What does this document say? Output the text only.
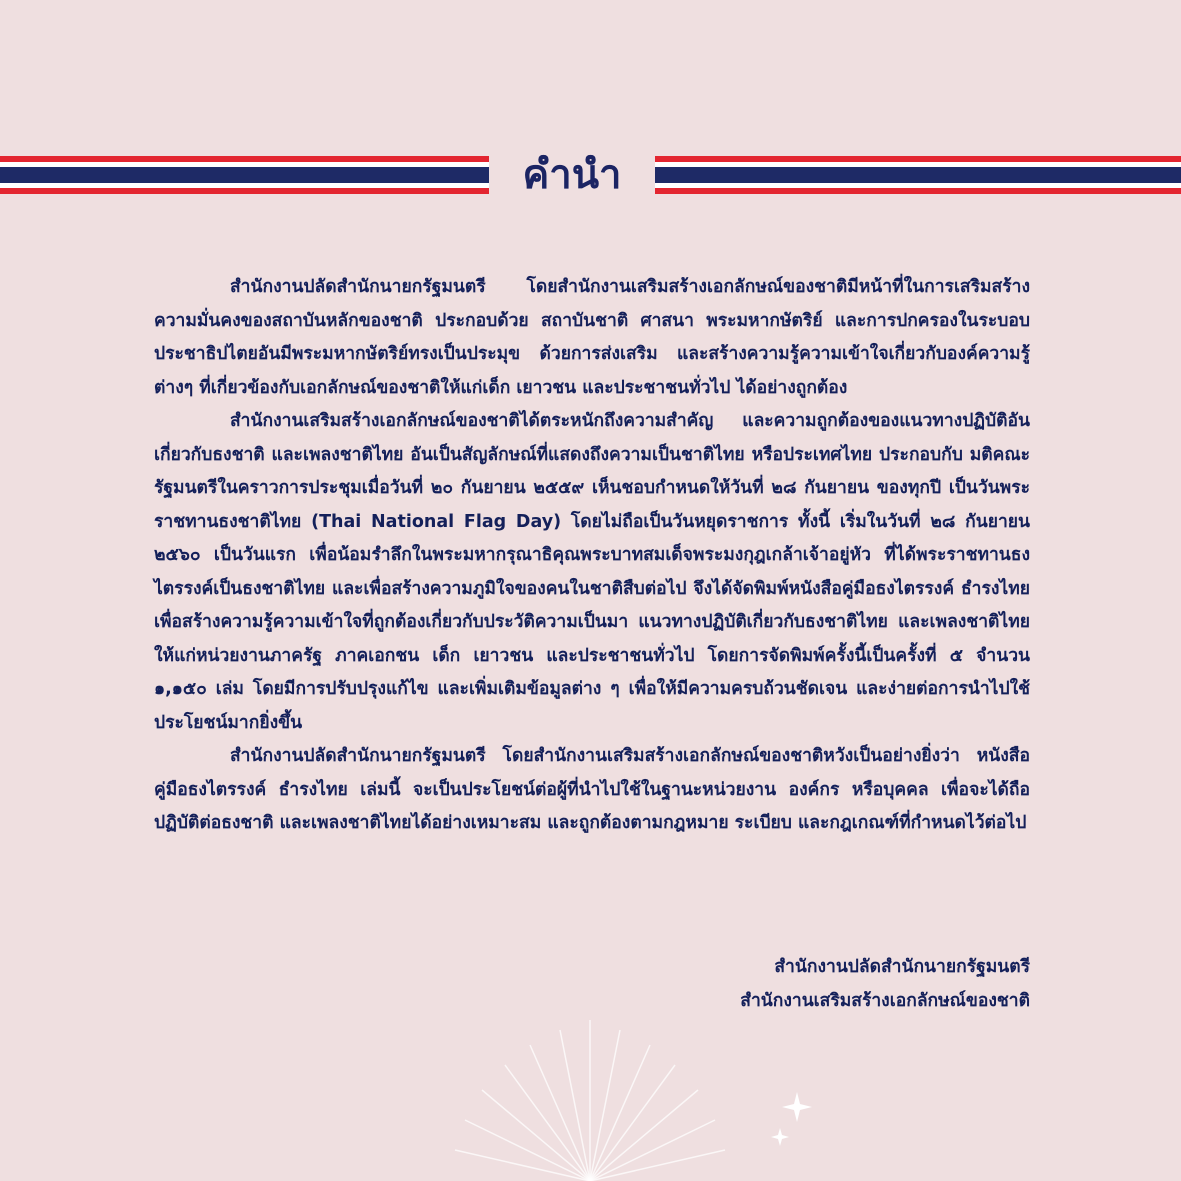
คำนำ

สำนักงานปลัดสำนักนายกรัฐมนตรี โดยสำนักงานเสริมสร้างเอกลักษณ์ของชาติมีหน้าที่ในการเสริมสร้างความมั่นคงของสถาบันหลักของชาติ ประกอบด้วย สถาบันชาติ ศาสนา พระมหากษัตริย์ และการปกครองในระบอบประชาธิปไตยอันมีพระมหากษัตริย์ทรงเป็นประมุข ด้วยการส่งเสริม และสร้างความรู้ความเข้าใจเกี่ยวกับองค์ความรู้ต่างๆ ที่เกี่ยวข้องกับเอกลักษณ์ของชาติให้แก่เด็ก เยาวชน และประชาชนทั่วไป ได้อย่างถูกต้อง

สำนักงานเสริมสร้างเอกลักษณ์ของชาติได้ตระหนักถึงความสำคัญ และความถูกต้องของแนวทางปฏิบัติอันเกี่ยวกับธงชาติ และเพลงชาติไทย อันเป็นสัญลักษณ์ที่แสดงถึงความเป็นชาติไทย หรือประเทศไทย ประกอบกับ มติคณะรัฐมนตรีในคราวการประชุมเมื่อวันที่ ๒๐ กันยายน ๒๕๕๙ เห็นชอบกำหนดให้วันที่ ๒๘ กันยายน ของทุกปี เป็นวันพระราชทานธงชาติไทย (Thai National Flag Day) โดยไม่ถือเป็นวันหยุดราชการ ทั้งนี้ เริ่มในวันที่ ๒๘ กันยายน ๒๕๖๐ เป็นวันแรก เพื่อน้อมรำลึกในพระมหากรุณาธิคุณพระบาทสมเด็จพระมงกุฎเกล้าเจ้าอยู่หัว ที่ได้พระราชทานธงไตรรงค์เป็นธงชาติไทย และเพื่อสร้างความภูมิใจของคนในชาติสืบต่อไป จึงได้จัดพิมพ์หนังสือคู่มือธงไตรรงค์ ธำรงไทย เพื่อสร้างความรู้ความเข้าใจที่ถูกต้องเกี่ยวกับประวัติความเป็นมา แนวทางปฏิบัติเกี่ยวกับธงชาติไทย และเพลงชาติไทย ให้แก่หน่วยงานภาครัฐ ภาคเอกชน เด็ก เยาวชน และประชาชนทั่วไป โดยการจัดพิมพ์ครั้งนี้เป็นครั้งที่ ๕ จำนวน ๑,๑๕๐ เล่ม โดยมีการปรับปรุงแก้ไข และเพิ่มเติมข้อมูลต่าง ๆ เพื่อให้มีความครบถ้วนชัดเจน และง่ายต่อการนำไปใช้ประโยชน์มากยิ่งขึ้น

สำนักงานปลัดสำนักนายกรัฐมนตรี โดยสำนักงานเสริมสร้างเอกลักษณ์ของชาติหวังเป็นอย่างยิ่งว่า หนังสือคู่มือธงไตรรงค์ ธำรงไทย เล่มนี้ จะเป็นประโยชน์ต่อผู้ที่นำไปใช้ในฐานะหน่วยงาน องค์กร หรือบุคคล เพื่อจะได้ถือปฏิบัติต่อธงชาติ และเพลงชาติไทยได้อย่างเหมาะสม และถูกต้องตามกฎหมาย ระเบียบ และกฎเกณฑ์ที่กำหนดไว้ต่อไป

สำนักงานปลัดสำนักนายกรัฐมนตรี
สำนักงานเสริมสร้างเอกลักษณ์ของชาติ
